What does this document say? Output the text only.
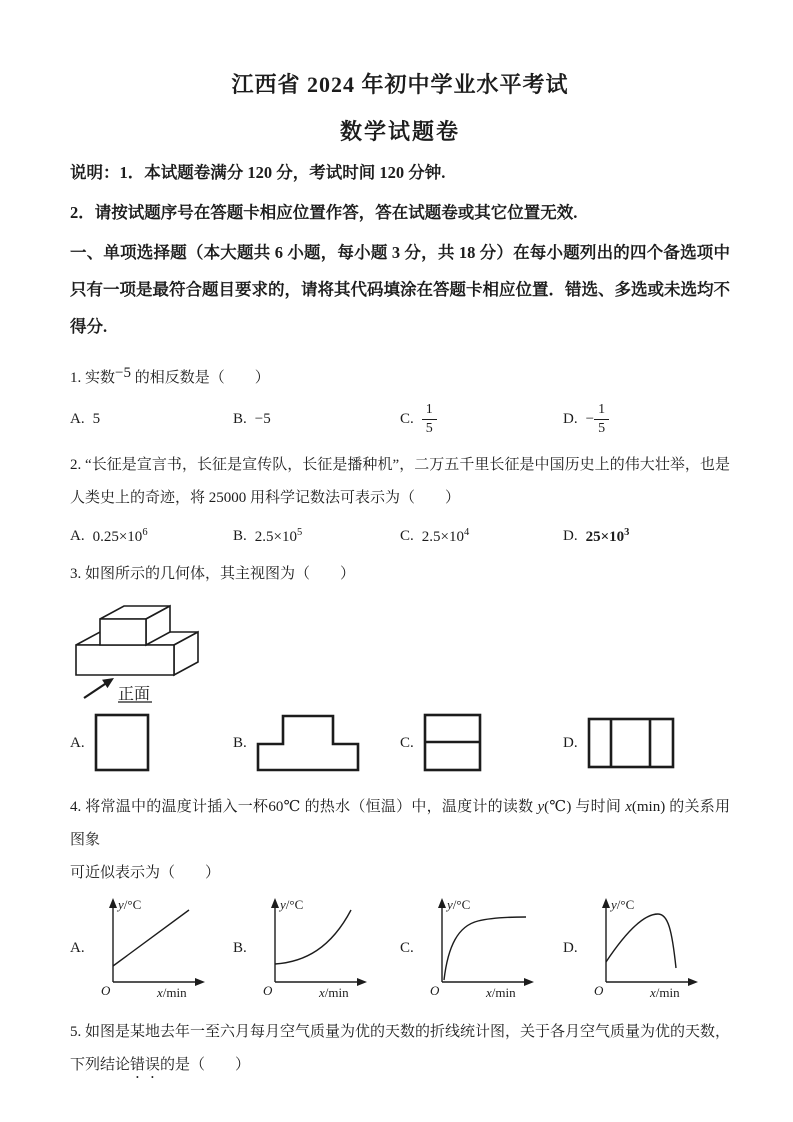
江西省 2024 年初中学业水平考试
数学试题卷

说明：1．本试题卷满分 120 分，考试时间 120 分钟.

2．请按试题序号在答题卡相应位置作答，答在试题卷或其它位置无效.

一、单项选择题（本大题共 6 小题，每小题 3 分，共 18 分）在每小题列出的四个备选项中只有一项是最符合题目要求的，请将其代码填涂在答题卡相应位置．错选、多选或未选均不得分.

1. 实数−5 的相反数是（　　）

A. 5	B. −5	C. $\frac{1}{5}$	D. − $\frac{1}{5}$

2. “长征是宣言书，长征是宣传队，长征是播种机”，二万五千里长征是中国历史上的伟大壮举，也是人类史上的奇迹，将 25000 用科学记数法可表示为（　　）

A. $0.25\times 10^6$	B. $2.5\times 10^5$	C. $2.5\times 10^4$	D. $25\times 10^3$

3. 如图所示的几何体，其主视图为（　　）

正面
A.	B.	C.	D.

4. 将常温中的温度计插入一杯60℃ 的热水（恒温）中，温度计的读数 y(℃) 与时间 x(min) 的关系用图象

可近似表示为（　　）

A.
O
y/°C
x/min
B.
O
y/°C
x/min
C.
O
y/°C
x/min
D.
O
y/°C
x/min

5. 如图是某地去年一至六月每月空气质量为优的天数的折线统计图，关于各月空气质量为优的天数，下列结论错误的是（　　）
